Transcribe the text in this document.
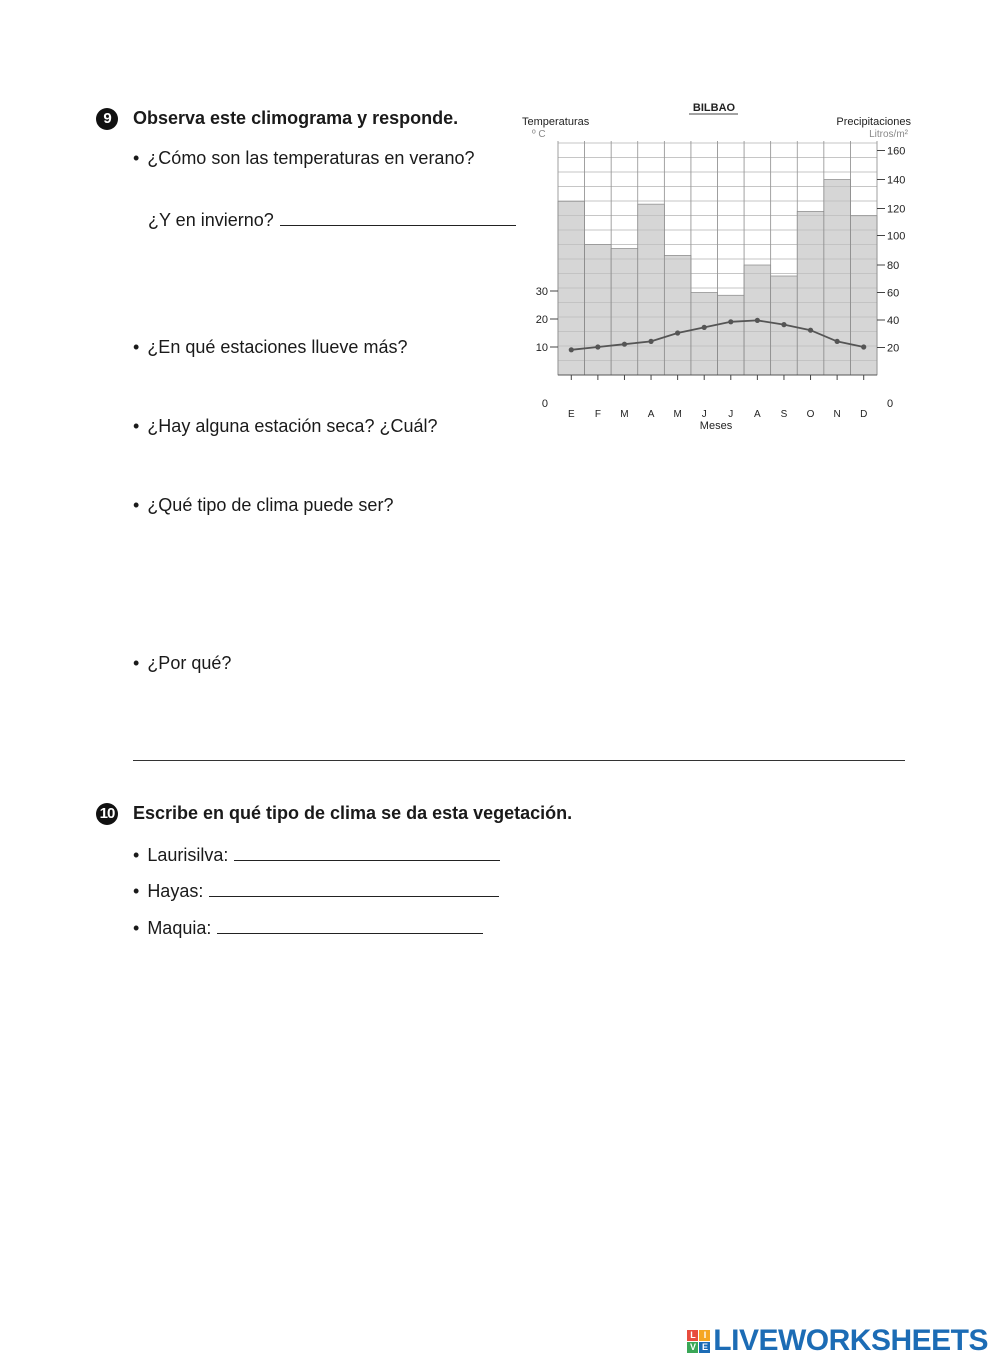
9	Observa este climograma y responde.
• ¿Cómo son las temperaturas en verano?
¿Y en invierno?
• ¿En qué estaciones llueve más?
• ¿Hay alguna estación seca? ¿Cuál?
• ¿Qué tipo de clima puede ser?
• ¿Por qué?
BILBAO
Temperaturas
º C
Precipitaciones
Litros/m²
Meses
0
10
20
30
0
20
40
60
80
100
120
140
160
E F M A M J J A S O N D
10 Escribe en qué tipo de clima se da esta vegetación.
• Laurisilva:
• Hayas:
• Maquia:
L I
V E LIVEWORKSHEETS
